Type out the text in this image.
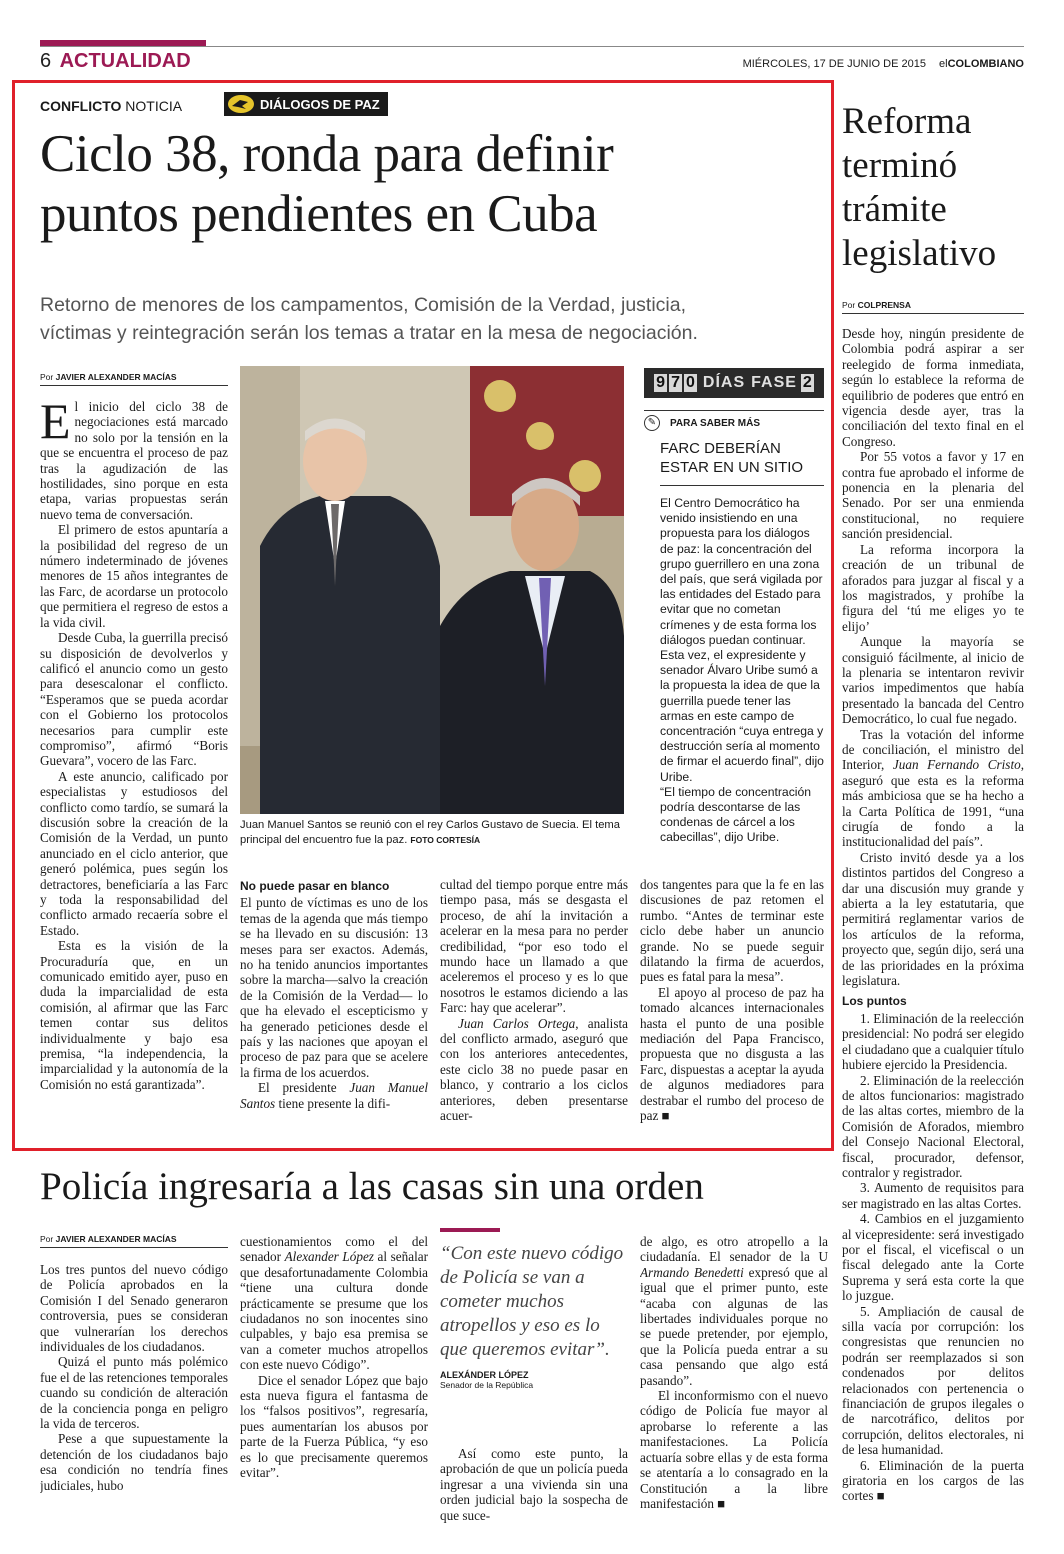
6 ACTUALIDAD	MIÉRCOLES, 17 DE JUNIO DE 2015 elCOLOMBIANO
CONFLICTO NOTICIA	DIÁLOGOS DE PAZ
Ciclo 38, ronda para definir
puntos pendientes en Cuba
Retorno de menores de los campamentos, Comisión de la Verdad, justicia,
víctimas y reintegración serán los temas a tratar en la mesa de negociación.
Por JAVIER ALEXANDER MACÍAS

El inicio del ciclo 38 de negociaciones está marcado no solo por la tensión en la que se encuentra el proceso de paz tras la agudización de las hostilidades, sino porque en esta etapa, varias propuestas serán nuevo tema de conversación.

El primero de estos apuntaría a la posibilidad del regreso de un número indeterminado de jóvenes menores de 15 años integrantes de las Farc, de acordarse un protocolo que permitiera el regreso de estos a la vida civil.

Desde Cuba, la guerrilla precisó su disposición de devolverlos y calificó el anuncio como un gesto para desescalonar el conflicto. “Esperamos que se pueda acordar con el Gobierno los protocolos necesarios para cumplir este compromiso”, afirmó “Boris Guevara”, vocero de las Farc.

A este anuncio, calificado por especialistas y estudiosos del conflicto como tardío, se sumará la discusión sobre la creación de la Comisión de la Verdad, un punto anunciado en el ciclo anterior, que generó polémica, pues según los detractores, beneficiaría a las Farc y toda la responsabilidad del conflicto armado recaería sobre el Estado.

Esta es la visión de la Procuraduría que, en un comunicado emitido ayer, puso en duda la imparcialidad de esta comisión, al afirmar que las Farc temen contar sus delitos individualmente y bajo esa premisa, “la independencia, la imparcialidad y la autonomía de la Comisión no está garantizada”.

Juan Manuel Santos se reunió con el rey Carlos Gustavo de Suecia. El tema principal del encuentro fue la paz. FOTO CORTESÍA
No puede pasar en blanco

El punto de víctimas es uno de los temas de la agenda que más tiempo se ha llevado en su discusión: 13 meses para ser exactos. Además, no ha tenido anuncios importantes sobre la marcha—salvo la creación de la Comisión de la Verdad— lo que ha elevado el escepticismo y ha generado peticiones desde el país y las naciones que apoyan el proceso de paz para que se acelere la firma de los acuerdos.

El presidente Juan Manuel Santos tiene presente la difi-

cultad del tiempo porque entre más tiempo pasa, más se desgasta el proceso, de ahí la invitación a acelerar en la mesa para no perder credibilidad, “por eso todo el mundo hace un llamado a que aceleremos el proceso y es lo que nosotros le estamos diciendo a las Farc: hay que acelerar”.

Juan Carlos Ortega, analista del conflicto armado, aseguró que con los anteriores antecedentes, este ciclo 38 no puede pasar en blanco, y contrario a los ciclos anteriores, deben presentarse acuer-

dos tangentes para que la fe en las discusiones de paz retomen el rumbo. “Antes de terminar este ciclo debe haber un anuncio grande. No se puede seguir dilatando la firma de acuerdos, pues es fatal para la mesa”.

El apoyo al proceso de paz ha tomado alcances internacionales hasta el punto de una posible mediación del Papa Francisco, propuesta que no disgusta a las Farc, dispuestas a aceptar la ayuda de algunos mediadores para destrabar el rumbo del proceso de paz ■

9 7 0 DÍAS FASE 2
✎	PARA SABER MÁS
FARC DEBERÍAN
ESTAR EN UN SITIO

El Centro Democrático ha venido insistiendo en una propuesta para los diálogos de paz: la concentración del grupo guerrillero en una zona del país, que será vigilada por las entidades del Estado para evitar que no cometan crímenes y de esta forma los diálogos puedan continuar. Esta vez, el expresidente y senador Álvaro Uribe sumó a la propuesta la idea de que la guerrilla puede tener las armas en este campo de concentración “cuya entrega y destrucción sería al momento de firmar el acuerdo final”, dijo Uribe.

“El tiempo de concentración podría descontarse de las condenas de cárcel a los cabecillas”, dijo Uribe.

Reforma terminó trámite legislativo
Por COLPRENSA

Desde hoy, ningún presidente de Colombia podrá aspirar a ser reelegido de forma inmediata, según lo establece la reforma de equilibrio de poderes que entró en vigencia desde ayer, tras la conciliación del texto final en el Congreso.

Por 55 votos a favor y 17 en contra fue aprobado el informe de ponencia en la plenaria del Senado. Por ser una enmienda constitucional, no requiere sanción presidencial.

La reforma incorpora la creación de un tribunal de aforados para juzgar al fiscal y a los magistrados, y prohíbe la figura del ‘tú me eliges yo te elijo’

Aunque la mayoría se consiguió fácilmente, al inicio de la plenaria se intentaron revivir varios impedimentos que había presentado la bancada del Centro Democrático, lo cual fue negado.

Tras la votación del informe de conciliación, el ministro del Interior, Juan Fernando Cristo, aseguró que esta es la reforma más ambiciosa que se ha hecho a la Carta Política de 1991, “una cirugía de fondo a la institucionalidad del país”.

Cristo invitó desde ya a los distintos partidos del Congreso a dar una discusión muy grande y abierta a la ley estatutaria, que permitirá reglamentar varios de los artículos de la reforma, proyecto que, según dijo, será una de las prioridades en la próxima legislatura.

Los puntos

1. Eliminación de la reelección presidencial: No podrá ser elegido el ciudadano que a cualquier título hubiere ejercido la Presidencia.

2. Eliminación de la reelección de altos funcionarios: magistrado de las altas cortes, miembro de la Comisión de Aforados, miembro del Consejo Nacional Electoral, fiscal, procurador, defensor, contralor y registrador.

3. Aumento de requisitos para ser magistrado en las altas Cortes.

4. Cambios en el juzgamiento al vicepresidente: será investigado por el fiscal, el vicefiscal o un fiscal delegado ante la Corte Suprema y será esta corte la que lo juzgue.

5. Ampliación de causal de silla vacía por corrupción: los congresistas que renuncien no podrán ser reemplazados si son condenados por delitos relacionados con pertenencia o financiación de grupos ilegales o de narcotráfico, delitos por corrupción, delitos electorales, ni de lesa humanidad.

6. Eliminación de la puerta giratoria en los cargos de las cortes ■

Policía ingresaría a las casas sin una orden
Por JAVIER ALEXANDER MACÍAS

Los tres puntos del nuevo código de Policía aprobados en la Comisión I del Senado generaron controversia, pues se consideran que vulnerarían los derechos individuales de los ciudadanos.

Quizá el punto más polémico fue el de las retenciones temporales cuando su condición de alteración de la conciencia ponga en peligro la vida de terceros.

Pese a que supuestamente la detención de los ciudadanos bajo esa condición no tendría fines judiciales, hubo

cuestionamientos como el del senador Alexander López al señalar que desafortunadamente Colombia “tiene una cultura donde prácticamente se presume que los ciudadanos no son inocentes sino culpables, y bajo esa premisa se van a cometer muchos atropellos con este nuevo Código”.

Dice el senador López que bajo esta nueva figura el fantasma de los “falsos positivos”, regresaría, pues aumentarían los abusos por parte de la Fuerza Pública, “y eso es lo que precisamente queremos evitar”.

“Con este nuevo código de Policía se van a cometer muchos atropellos y eso es lo que queremos evitar”.
ALEXÁNDER LÓPEZ
Senador de la República

Así como este punto, la aprobación de que un policía pueda ingresar a una vivienda sin una orden judicial bajo la sospecha de que suce-

de algo, es otro atropello a la ciudadanía. El senador de la U Armando Benedetti expresó que al igual que el primer punto, este “acaba con algunas de las libertades individuales porque no se puede pretender, por ejemplo, que la Policía pueda entrar a su casa pensando que algo está pasando”.

El inconformismo con el nuevo código de Policía fue mayor al aprobarse lo referente a las manifestaciones. La Policía actuaría sobre ellas y de esta forma se atentaría a lo consagrado en la Constitución a la libre manifestación ■
